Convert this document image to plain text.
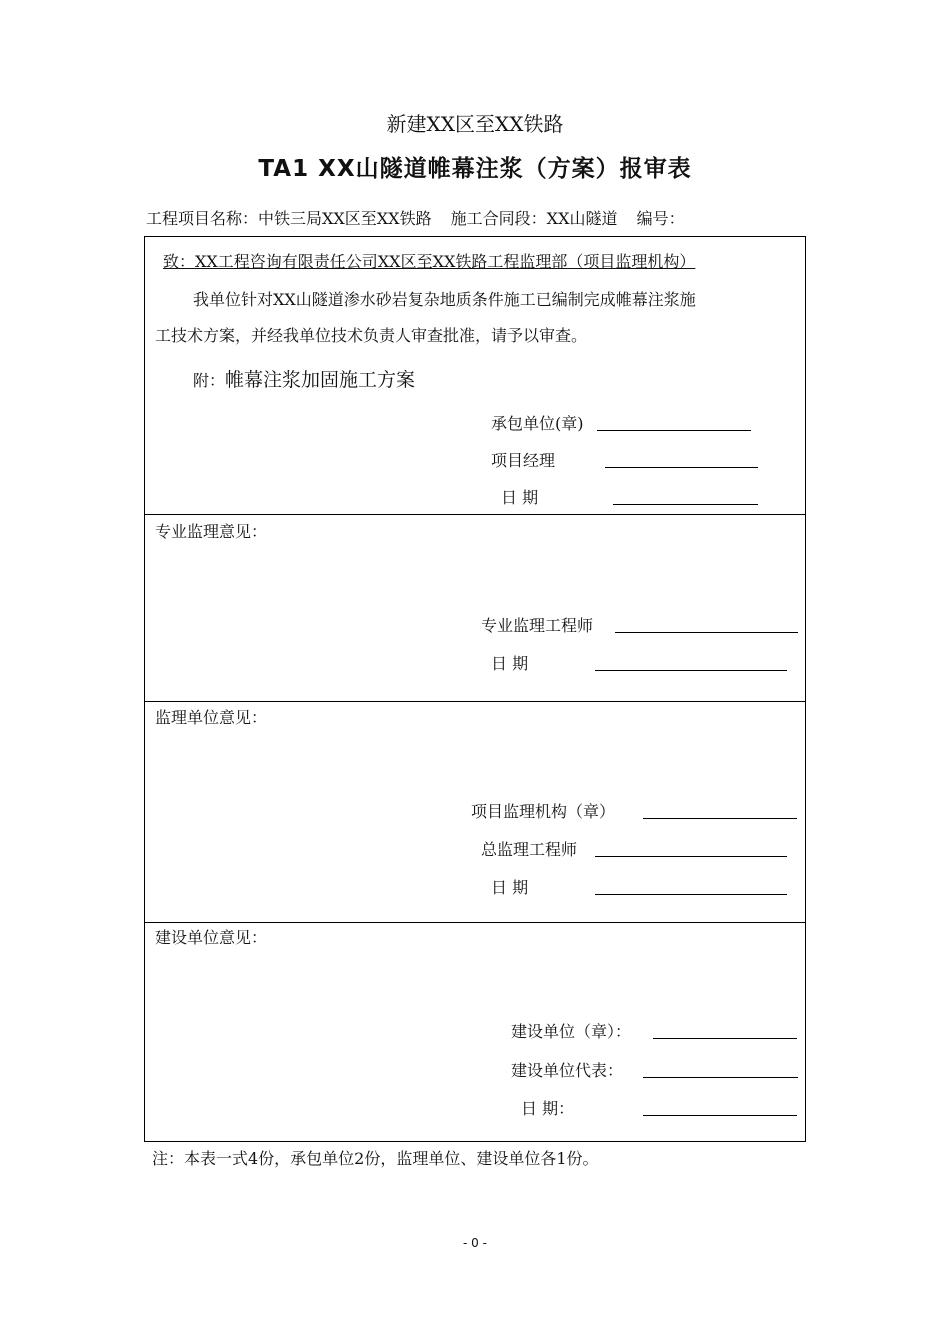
新建XX区至XX铁路
TA1 XX山隧道帷幕注浆（方案）报审表
工程项目名称：中铁三局XX区至XX铁路 施工合同段：XX山隧道 编号：
致：XX工程咨询有限责任公司XX区至XX铁路工程监理部（项目监理机构）
我单位针对XX山隧道渗水砂岩复杂地质条件施工已编制完成帷幕注浆施
工技术方案，并经我单位技术负责人审查批准，请予以审查。
附：帷幕注浆加固施工方案
承包单位(章)
项目经理
日 期
专业监理意见：
专业监理工程师
日 期
监理单位意见：
项目监理机构（章）
总监理工程师
日 期
建设单位意见：
建设单位（章）：
建设单位代表：
日 期：
注：本表一式4份，承包单位2份，监理单位、建设单位各1份。
- 0 -
